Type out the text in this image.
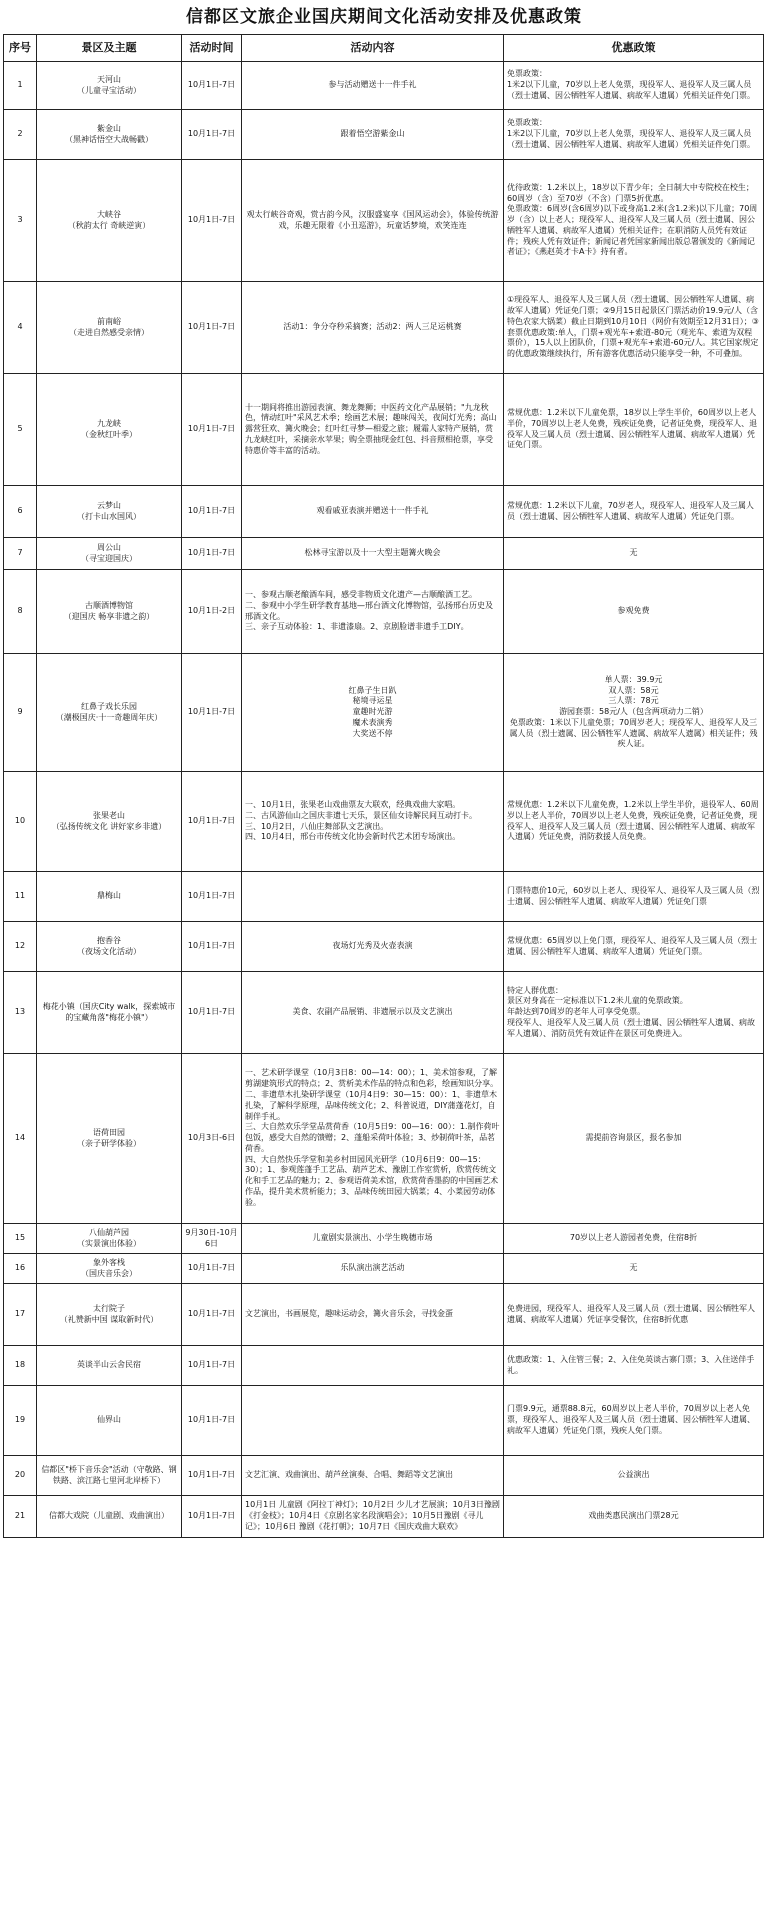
信都区文旅企业国庆期间文化活动安排及优惠政策
序号	景区及主题	活动时间	活动内容	优惠政策
1	天河山
（儿童寻宝活动）	10月1日-7日	参与活动赠送十一件手礼	免票政策：
1米2以下儿童，70岁以上老人免票，现役军人、退役军人及三属人员（烈士遗属、因公牺牲军人遗属、病故军人遗属）凭相关证件免门票。
2	紫金山
（黑神话悟空大战畅戳）	10月1日-7日	跟着悟空游紫金山	免票政策：
1米2以下儿童，70岁以上老人免票，现役军人、退役军人及三属人员（烈士遗属、因公牺牲军人遗属、病故军人遗属）凭相关证件免门票。
3	大峡谷
（秋韵太行 奇峡逆寅）	10月1日-7日	观太行峡谷奇观，赏古韵今风，汉服盛宴享《国风运动会》，体验传统游戏，乐趣无限着《小丑巡游》，玩童话梦境，欢笑连连	优待政策：1.2米以上，18岁以下青少年；全日制大中专院校在校生；60周岁（含）至70岁（不含）门票5折优惠。
免票政策：6周岁(含6周岁)以下或身高1.2米(含1.2米)以下儿童；70周岁（含）以上老人；现役军人、退役军人及三属人员（烈士遗属、因公牺牲军人遗属、病故军人遗属）凭相关证件；在职消防人员凭有效证件；残疾人凭有效证件；新闻记者凭国家新闻出版总署颁发的《新闻记者证》；《燕赵英才卡A卡》持有者。
4	前南峪
（走进自然感受亲情）	10月1日-7日	活动1：争分夺秒采摘赛；活动2：两人三足运桃赛	①现役军人、退役军人及三属人员（烈士遗属、因公牺牲军人遗属、病故军人遗属）凭证免门票；②9月15日起景区门票活动价19.9元/人（含特色农家大锅菜）截止日期到10月10日（网价有效期至12月31日）；③套票优惠政策:单人，门票+观光车+索道-80元（观光车、索道为双程票价），15人以上团队价，门票+观光车+索道-60元/人。其它国家规定的优惠政策继续执行，所有游客优惠活动只能享受一种，不可叠加。
5	九龙峡
（金秋红叶季）	10月1日-7日	十一期间将推出游园表演、舞龙舞狮；中医药文化产品展销；"九龙秋色，情动红叶"采风艺术季；绘画艺术展；趣味闯关，夜间灯光秀；高山露营狂欢、篝火晚会；红叶红寻梦—相爱之旅；履霜人家特产展销，赏九龙峡红叶，采摘亲水苹果；购全票抽现金红包、抖音照相抢票，享受特惠价等丰富的活动。	常规优惠：1.2米以下儿童免票，18岁以上学生半价，60周岁以上老人半价，70周岁以上老人免费，残疾证免费，记者证免费，现役军人、退役军人及三属人员（烈士遗属、因公牺牲军人遗属、病故军人遗属）凭证免门票。
6	云梦山
（打卡山水国风）	10月1日-7日	观看戚亚表演并赠送十一件手礼	常规优惠：1.2米以下儿童，70岁老人，现役军人、退役军人及三属人员（烈士遗属、因公牺牲军人遗属、病故军人遗属）凭证免门票。
7	周公山
（寻宝迎国庆）	10月1日-7日	松林寻宝游以及十一大型主题篝火晚会	无
8	古顺酒博物馆
（迎国庆 畅享非遗之韵）	10月1日-2日	一、参观古顺老酿酒车间，感受非物质文化遗产—古顺酿酒工艺。
二、参观中小学生研学教育基地—邢台酒文化博物馆，弘扬邢台历史及邢酒文化。
三、亲子互动体验：1、非遗漆扇。2、京剧脸谱非遗手工DIY。	参观免费
9	红鼻子戏长乐园
（潮极国庆·十一奇趣周年庆）	10月1日-7日	红鼻子生日趴
秘境寻运星
童趣时光游
魔术表演秀
大奖送不停	单人票：39.9元
双人票：58元
三人票：78元
游园套票：58元/人（包含两项动力二销）
免票政策：1米以下儿童免票；70周岁老人；现役军人、退役军人及三属人员（烈士遗属、因公牺牲军人遗属、病故军人遗属）相关证件；残疾人证。
10	张果老山
（弘扬传统文化 讲好家乡非遗）	10月1日-7日	一、10月1日，张果老山戏曲票友大联欢，经典戏曲大家唱。
二、古风游仙山之国庆非遗七天乐，景区仙女诗解民间互动打卡。
三、10月2日，八仙庄舞部队文艺演出。
四、10月4日，邢台市传统文化协会新时代艺术团专场演出。	常规优惠：1.2米以下儿童免费，1.2米以上学生半价，退役军人、60周岁以上老人半价，70周岁以上老人免费，残疾证免费，记者证免费，现役军人、退役军人及三属人员（烈士遗属、因公牺牲军人遗属、病故军人遗属）凭证免费，消防救援人员免费。
11	鼎梅山	10月1日-7日		门票特惠价10元，60岁以上老人、现役军人、退役军人及三属人员（烈士遗属、因公牺牲军人遗属、病故军人遗属）凭证免门票
12	抱香谷
（夜场文化活动）	10月1日-7日	夜场灯光秀及火壶表演	常规优惠：65周岁以上免门票，现役军人、退役军人及三属人员（烈士遗属、因公牺牲军人遗属、病故军人遗属）凭证免门票。
13	梅花小镇（国庆City walk，探索城市的宝藏角落"梅花小镇"）	10月1日-7日	美食、农副产品展销、非遗展示以及文艺演出	特定人群优惠：
景区对身高在一定标准以下1.2米儿童的免票政策。
年龄达到70周岁的老年人可享受免票。
现役军人、退役军人及三属人员（烈士遗属、因公牺牲军人遗属、病故军人遗属）、消防员凭有效证件在景区可免费进入。
14	语荷田园
（亲子研学体验）	10月3日-6日	一、艺术研学课堂（10月3日8：00—14：00）；1、美术馆参观，了解剪湖建筑形式的特点；2、赏析美术作品的特点和色彩，绘画知识分享。
二、非遗草木扎染研学课堂（10月4日9：30—15：00）：1、非遗草木扎染，了解科学原理，品味传统文化；2、科普说道，DIY蒲蓬花灯，自制伴手礼。
三、大自然欢乐学堂品赏荷香（10月5日9：00—16：00）：1.制作荷叶包饭，感受大自然的馈赠；2、蓬船采荷叶体验；3、炒制荷叶茶，品茗荷香。
四、大自然快乐学堂和美乡村田园风光研学（10月6日9：00—15：30）；1、参观莲蓬手工艺品、葫芦艺术、豫剧工作室赏析，欣赏传统文化和手工艺品的魅力；2、参观语荷美术馆，欣赏荷香墨韵的中国画艺术作品，提升美术赏析能力；3、品味传统田园大锅菜；4、小菜园劳动体验。	需提前咨询景区，报名参加
15	八仙葫芦园
（实景演出体验）	9月30日-10月6日	儿童剧实景演出、小学生晚穗市场	70岁以上老人游园者免费，住宿8折
16	象外客栈
（国庆音乐会）	10月1日-7日	乐队演出演艺活动	无
17	太行院子
（礼赞新中国 谋取新时代）	10月1日-7日	文艺演出，书画展览，趣味运动会，篝火音乐会，寻找金蛋	免费进园，现役军人、退役军人及三属人员（烈士遗属、因公牺牲军人遗属、病故军人遗属）凭证享受餐饮，住宿8折优惠
18	英谈半山云舍民宿	10月1日-7日		优惠政策：1、入住管三餐；2、入住免英谈古寨门票；3、入住送伴手礼。
19	仙界山	10月1日-7日		门票9.9元，通票88.8元，60周岁以上老人半价，70周岁以上老人免票，现役军人、退役军人及三属人员（烈士遗属、因公牺牲军人遗属、病故军人遗属）凭证免门票，残疾人免门票。
20	信都区"桥下音乐会"活动（守敬路、钢铁路、滨江路七里河北岸桥下）	10月1日-7日	文艺汇演、戏曲演出、葫芦丝演奏、合唱、舞蹈等文艺演出	公益演出
21	信都大戏院（儿童剧、戏曲演出）	10月1日-7日	10月1日 儿童剧《阿拉丁神灯》；10月2日 少儿才艺展演；10月3日豫剧《打金枝》；10月4日《京剧名家名段演唱会》；10月5日豫剧《寻儿记》；10月6日 豫剧《花打朝》；10月7日《国庆戏曲大联欢》	戏曲类惠民演出门票28元
